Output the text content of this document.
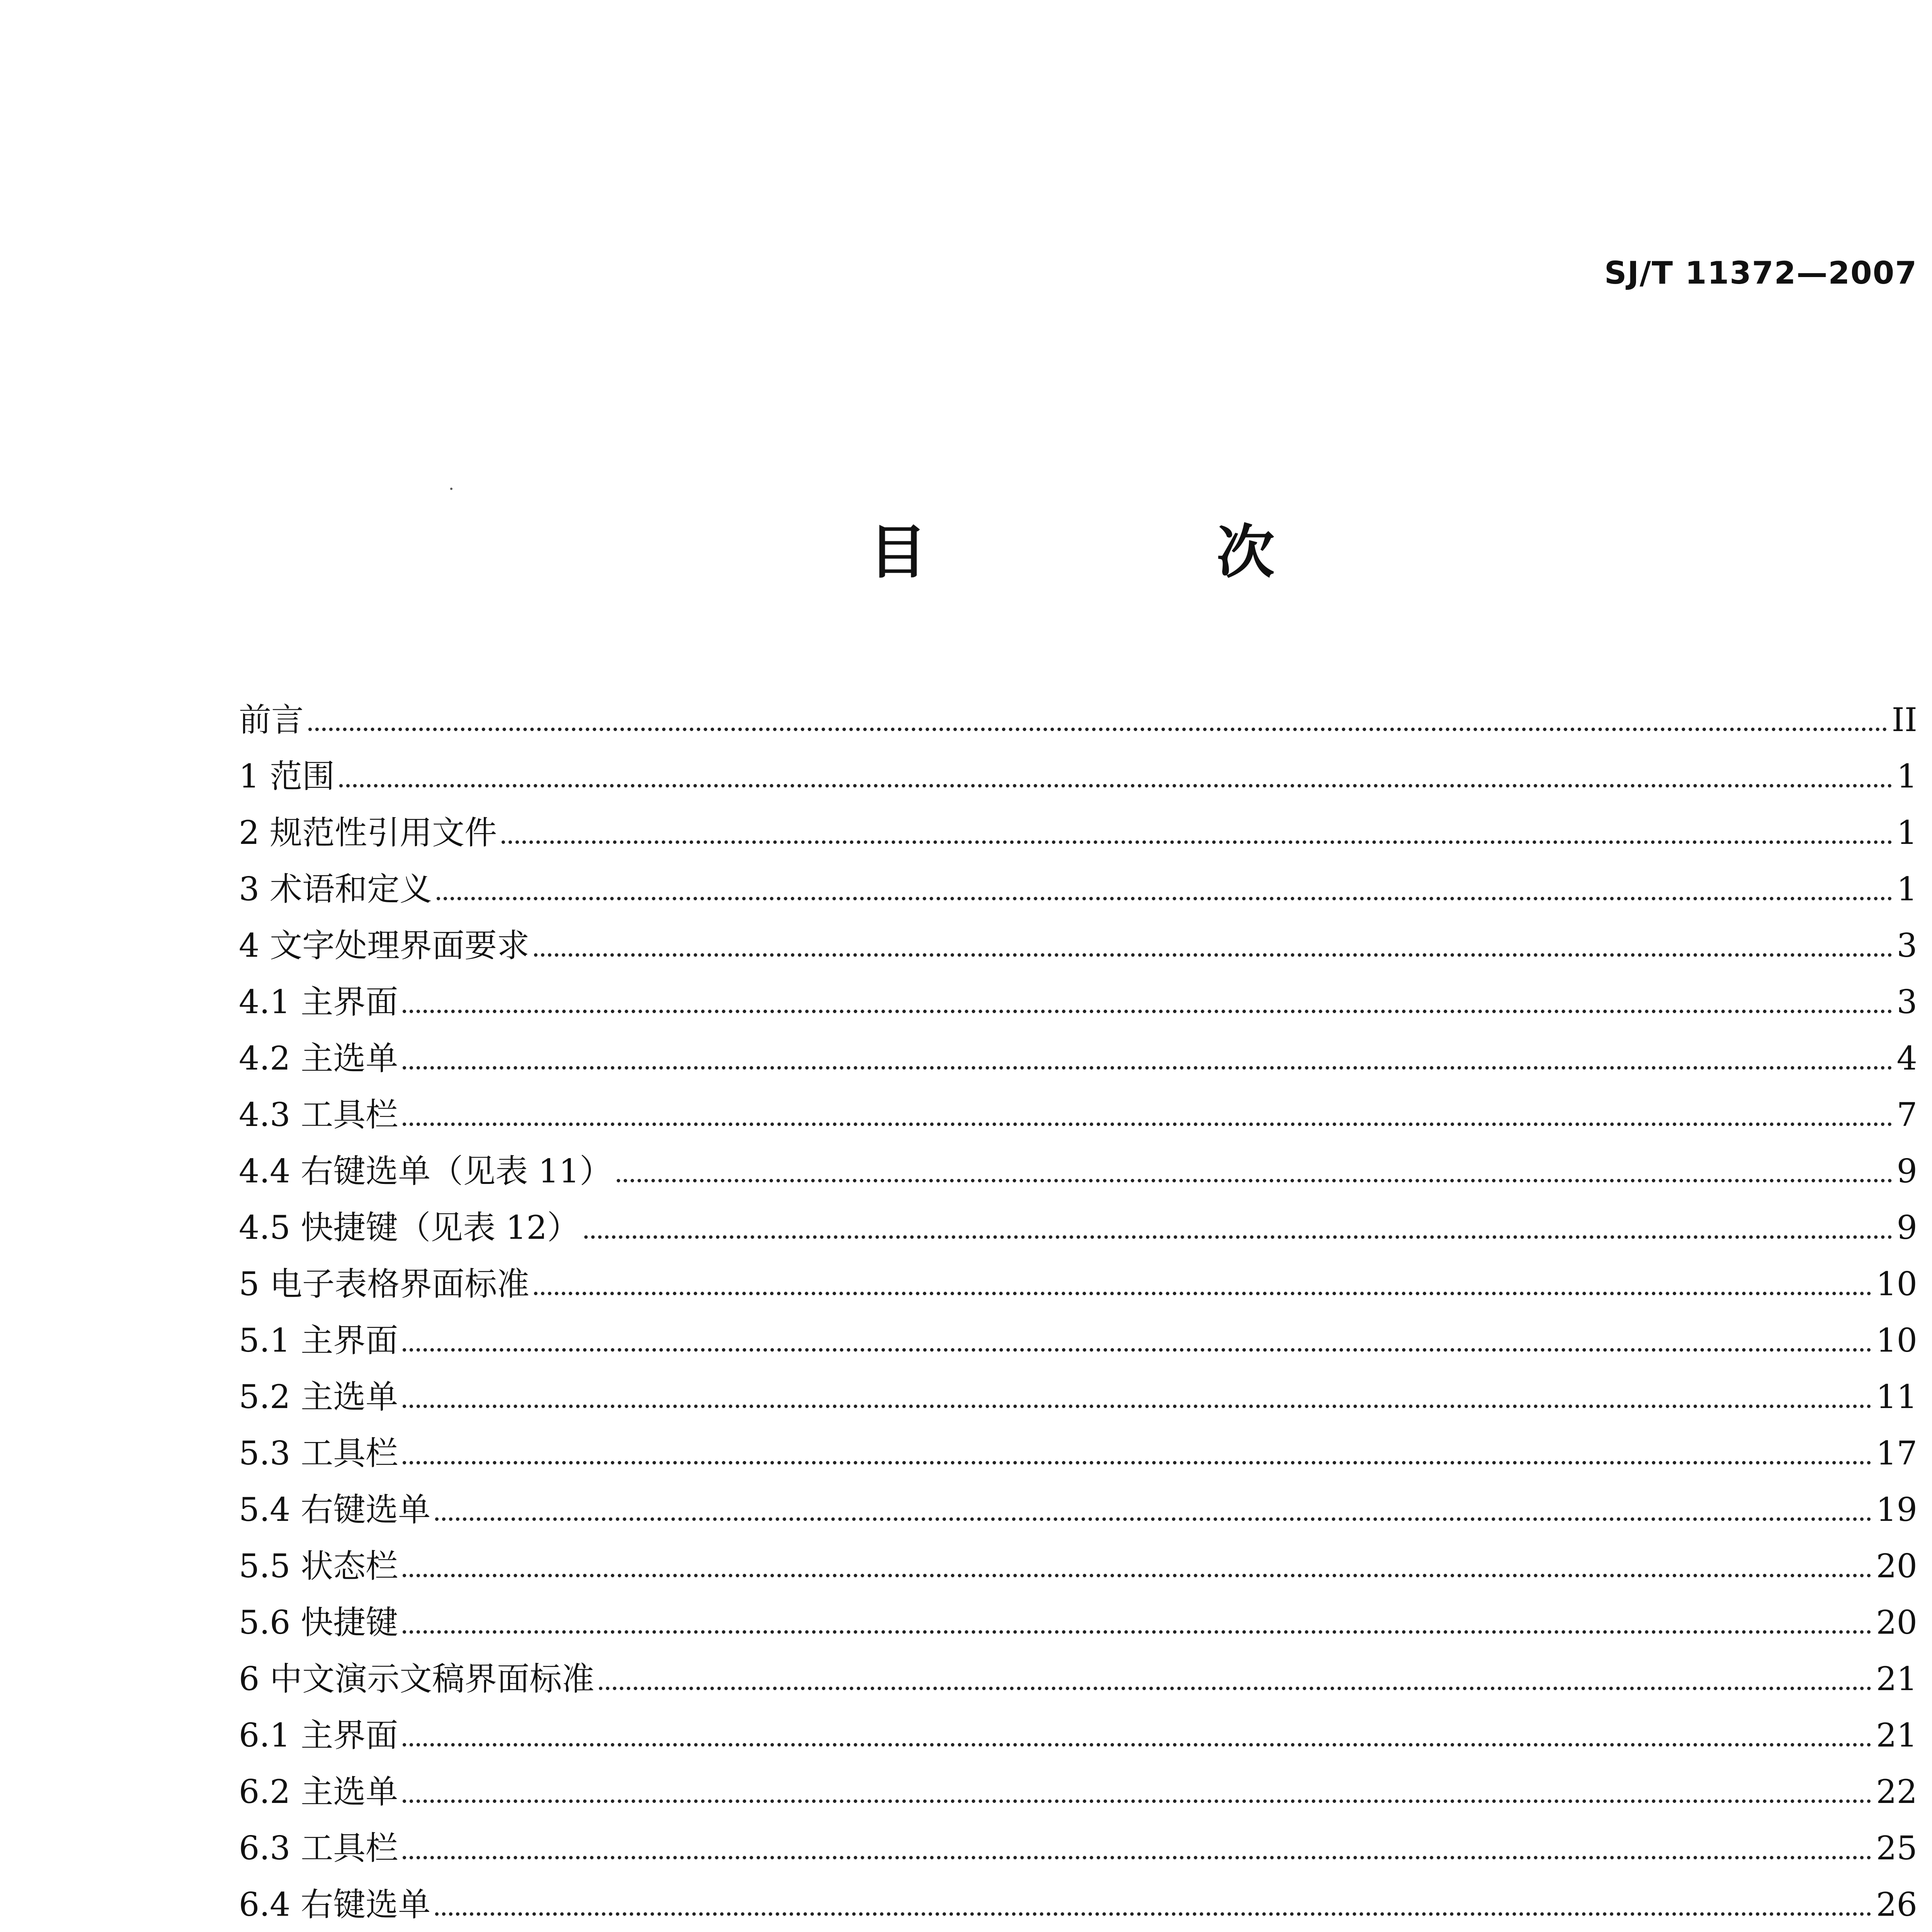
SJ/T 11372—2007
目　次
前言	II
1 范围	1
2 规范性引用文件	1
3 术语和定义	1
4 文字处理界面要求	3
4.1 主界面	3
4.2 主选单	4
4.3 工具栏	7
4.4 右键选单（见表 11）	9
4.5 快捷键（见表 12）	9
5 电子表格界面标准	10
5.1 主界面	10
5.2 主选单	11
5.3 工具栏	17
5.4 右键选单	19
5.5 状态栏	20
5.6 快捷键	20
6 中文演示文稿界面标准	21
6.1 主界面	21
6.2 主选单	22
6.3 工具栏	25
6.4 右键选单	26
